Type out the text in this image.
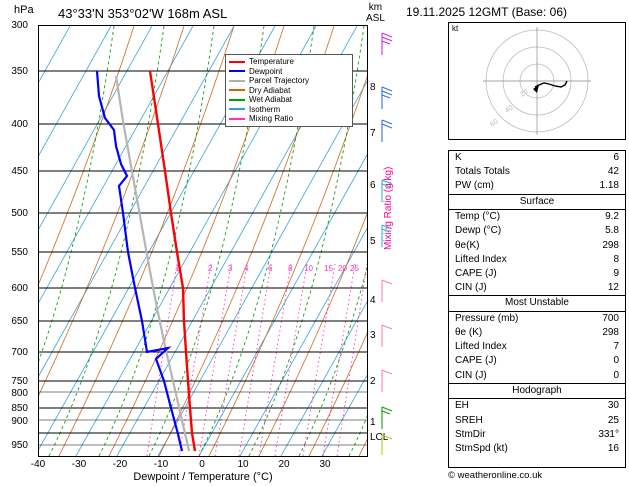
hPa 43°33'N 353°02'W 168m ASL	km
ASL
Temperature
Dewpoint
Parcel Trajectory
Dry Adiabat
Wet Adiabat
Isotherm
Mixing Ratio
1	2 3 4 6 8 10 15 20 25
300
350
400
450
500
550
600
650
700
750
800
850
900
950
-40	-30	-20	-10	0	10	20	30
Dewpoint / Temperature (°C)
8
7
6
5
4
3
2
1
LCL
Mixing Ratio (g/kg)
19.11.2025 12GMT (Base: 06)
kt
20
40
60
K	6
Totals Totals	42
PW (cm)	1.18
Surface
Temp (°C)	9.2
Dewp (°C)	5.8
θe(K)	298
Lifted Index	8
CAPE (J)	9
CIN (J)	12
Most Unstable
Pressure (mb)	700
θe (K)	298
Lifted Index	7
CAPE (J)	0
CIN (J)	0
Hodograph
EH	30
SREH	25
StmDir	331°
StmSpd (kt)	16
© weatheronline.co.uk
